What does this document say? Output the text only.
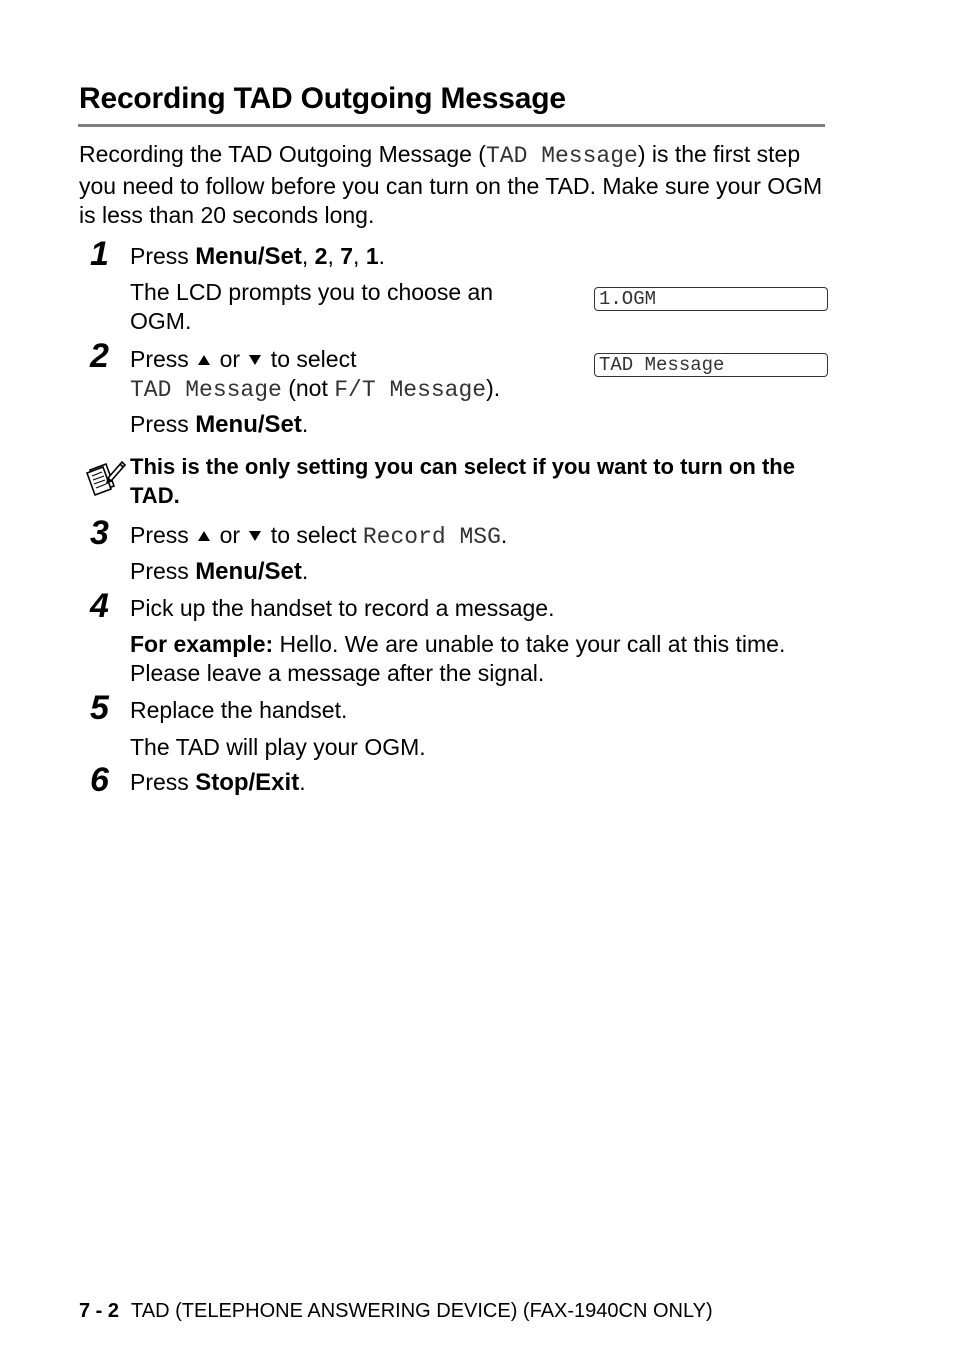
Recording TAD Outgoing Message
Recording the TAD Outgoing Message (TAD Message) is the first step you need to follow before you can turn on the TAD. Make sure your OGM is less than 20 seconds long.
1 Press Menu/Set, 2, 7, 1.
The LCD prompts you to choose an OGM.
1.OGM
2 Press  or  to select
TAD Message (not F/T Message).
Press Menu/Set.
TAD Message
This is the only setting you can select if you want to turn on the TAD.
3 Press  or  to select Record MSG.
Press Menu/Set.
4 Pick up the handset to record a message.
For example: Hello. We are unable to take your call at this time. Please leave a message after the signal.
5 Replace the handset.
The TAD will play your OGM.
6 Press Stop/Exit.
7 - 2 TAD (TELEPHONE ANSWERING DEVICE) (FAX-1940CN ONLY)
